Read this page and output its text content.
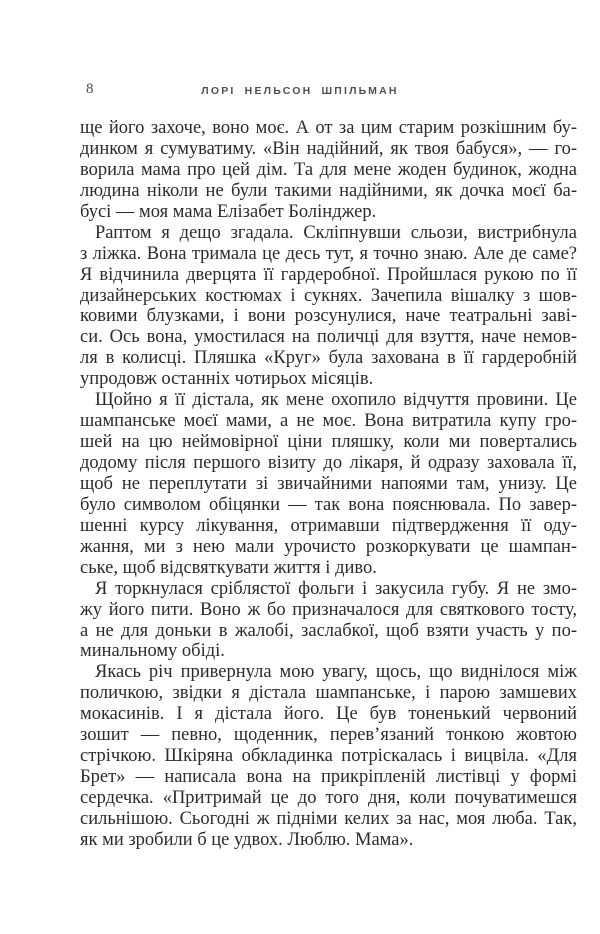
8	ЛОРІ НЕЛЬСОН ШПІЛЬМАН
ще його захоче, воно моє. А от за цим старим розкішним бу-
динком я сумуватиму. «Він надійний, як твоя бабуся», — го-
ворила мама про цей дім. Та для мене жоден будинок, жодна
людина ніколи не були такими надійними, як дочка моєї ба-
бусі — моя мама Елізабет Болінджер.
Раптом я дещо згадала. Скліпнувши сльози, вистрибнула
з ліжка. Вона тримала це десь тут, я точно знаю. Але де саме?
Я відчинила дверцята її гардеробної. Пройшлася рукою по її
дизайнерських костюмах і сукнях. Зачепила вішалку з шов-
ковими блузками, і вони розсунулися, наче театральні заві-
си. Ось вона, умостилася на поличці для взуття, наче немов-
ля в колисці. Пляшка «Круг» була захована в її гардеробній
упродовж останніх чотирьох місяців.
Щойно я її дістала, як мене охопило відчуття провини. Це
шампанське моєї мами, а не моє. Вона витратила купу гро-
шей на цю неймовірної ціни пляшку, коли ми повертались
додому після першого візиту до лікаря, й одразу заховала її,
щоб не переплутати зі звичайними напоями там, унизу. Це
було символом обіцянки — так вона пояснювала. По завер-
шенні курсу лікування, отримавши підтвердження її оду-
жання, ми з нею мали урочисто розкоркувати це шампан-
ське, щоб відсвяткувати життя і диво.
Я торкнулася сріблястої фольги і закусила губу. Я не змо-
жу його пити. Воно ж бо призначалося для святкового тосту,
а не для доньки в жалобі, заслабкої, щоб взяти участь у по-
минальному обіді.
Якась річ привернула мою увагу, щось, що виднілося між
поличкою, звідки я дістала шампанське, і парою замшевих
мокасинів. І я дістала його. Це був тоненький червоний
зошит — певно, щоденник, перев’язаний тонкою жовтою
стрічкою. Шкіряна обкладинка потріскалась і вицвіла. «Для
Брет» — написала вона на прикріпленій листівці у формі
сердечка. «Притримай це до того дня, коли почуватимешся
сильнішою. Сьогодні ж підніми келих за нас, моя люба. Так,
як ми зробили б це удвох. Люблю. Мама».
